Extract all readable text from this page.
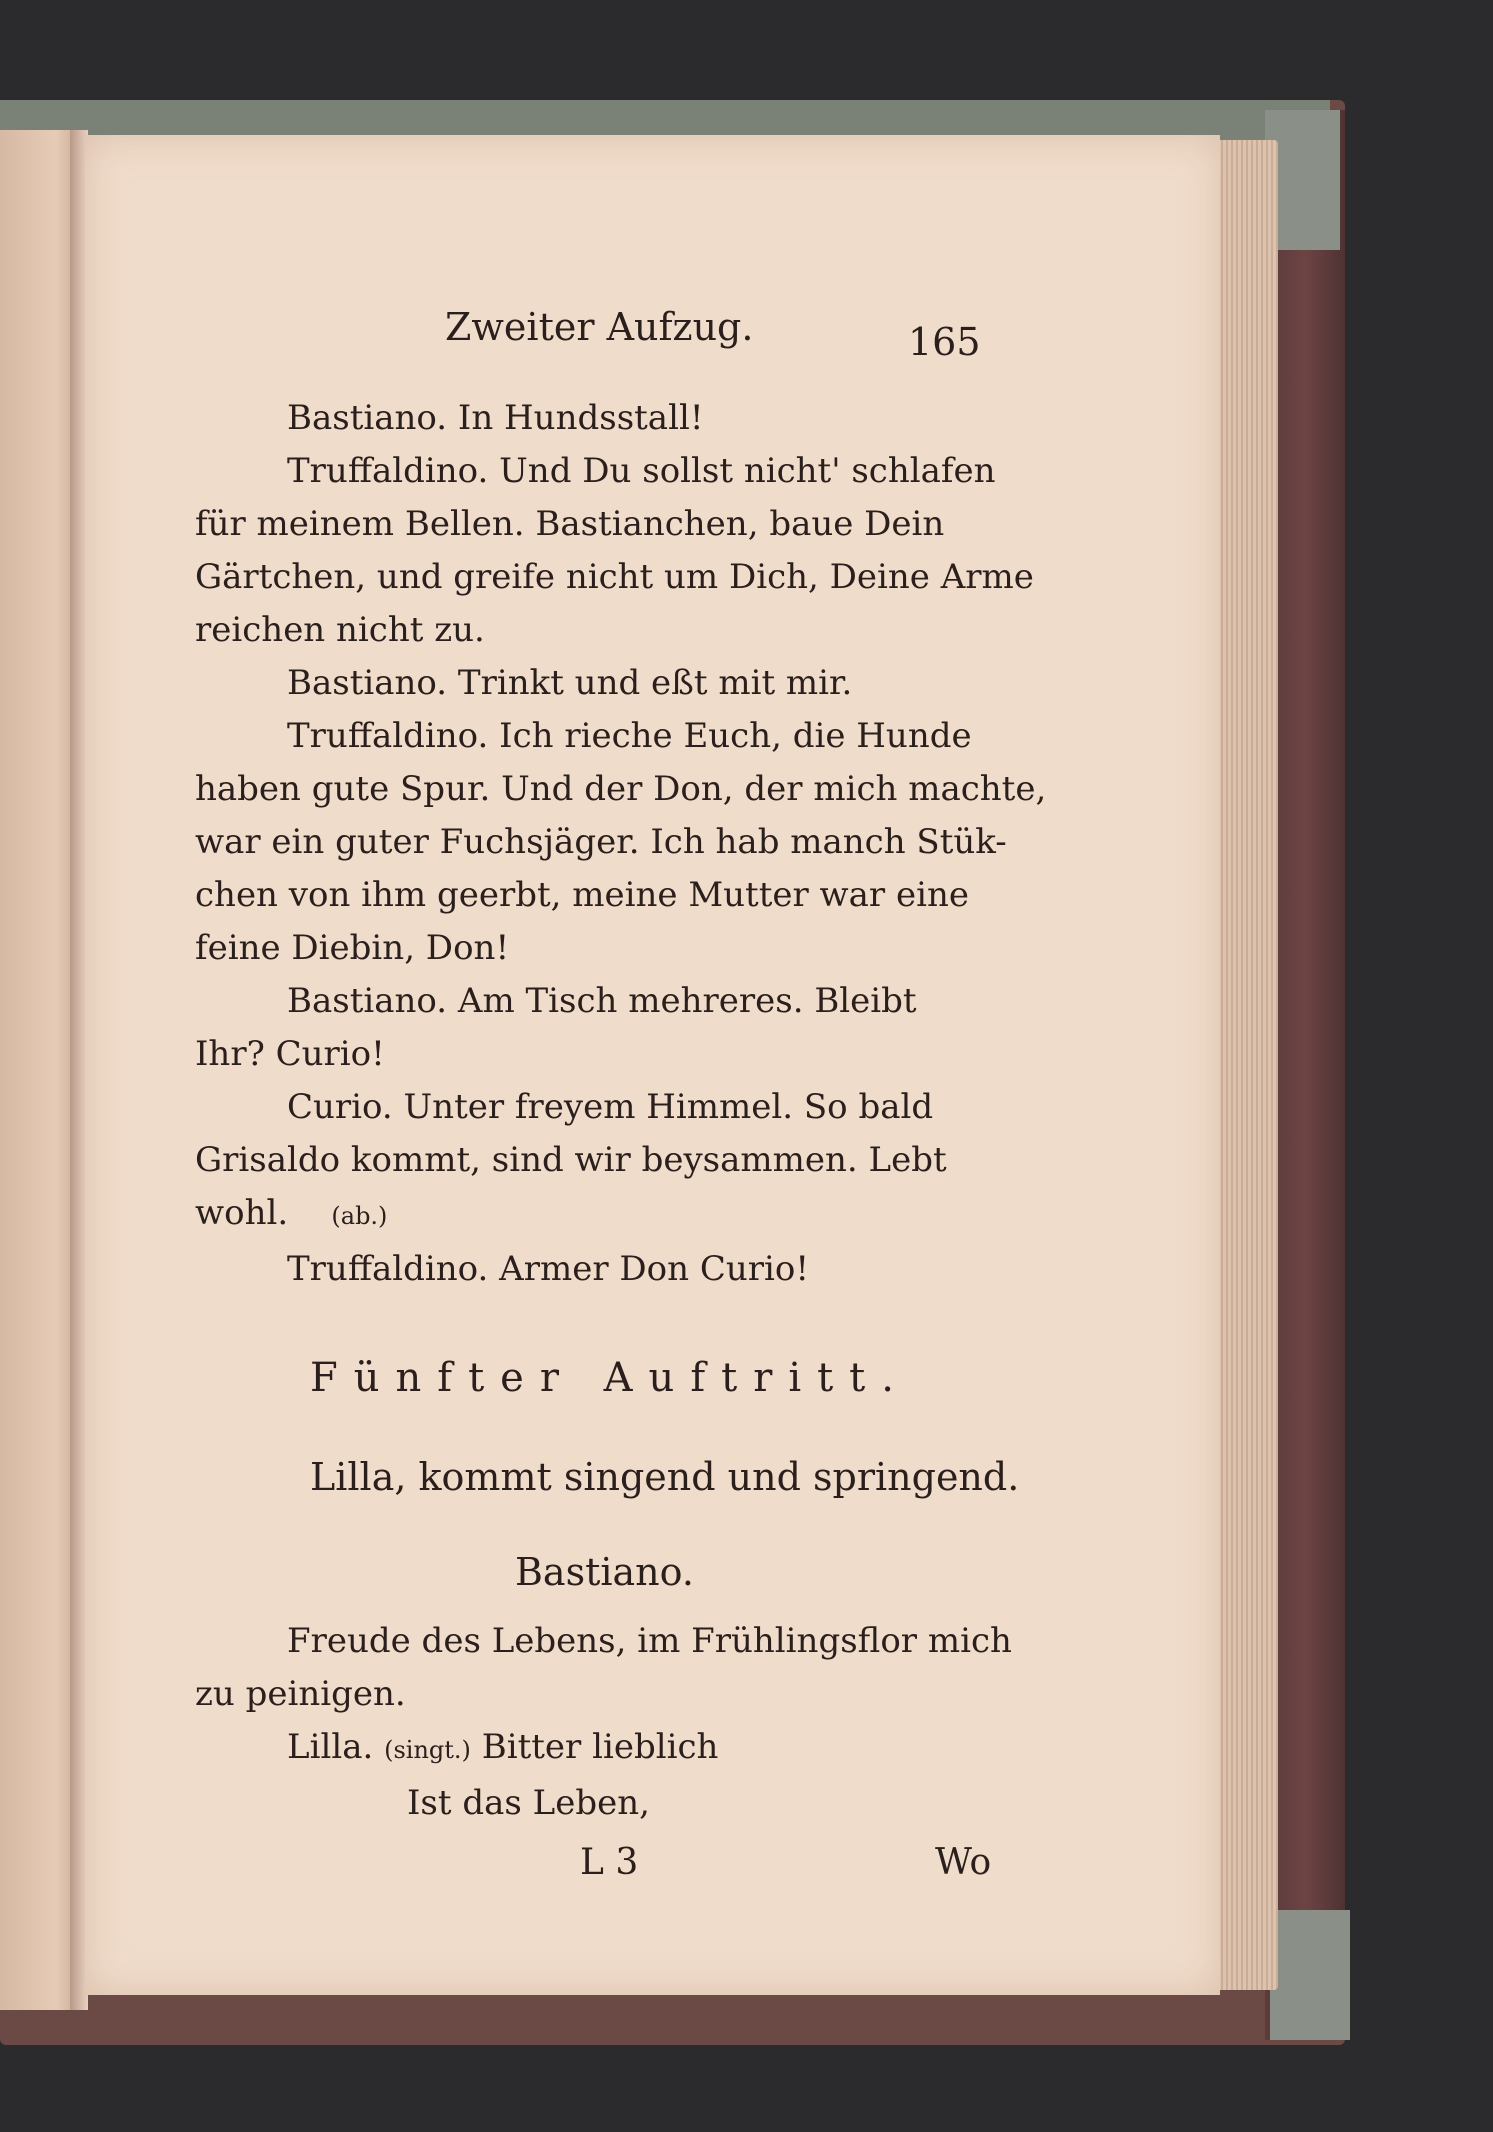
Zweiter Aufzug.	165

Bastiano. In Hundsstall!

Truffaldino. Und Du sollst nicht' schlafen

für meinem Bellen. Bastianchen, baue Dein

Gärtchen, und greife nicht um Dich, Deine Arme

reichen nicht zu.

Bastiano. Trinkt und eßt mit mir.

Truffaldino. Ich rieche Euch, die Hunde

haben gute Spur. Und der Don, der mich machte,

war ein guter Fuchsjäger. Ich hab manch Stük-

chen von ihm geerbt, meine Mutter war eine

feine Diebin, Don!

Bastiano. Am Tisch mehreres. Bleibt

Ihr? Curio!

Curio. Unter freyem Himmel. So bald

Grisaldo kommt, sind wir beysammen. Lebt

wohl. (ab.)

Truffaldino. Armer Don Curio!

Fünfter Auftritt.
Lilla, kommt singend und springend.
Bastiano.

Freude des Lebens, im Frühlingsflor mich

zu peinigen.

Lilla. (singt.) Bitter lieblich

Ist das Leben,

L 3	Wo
